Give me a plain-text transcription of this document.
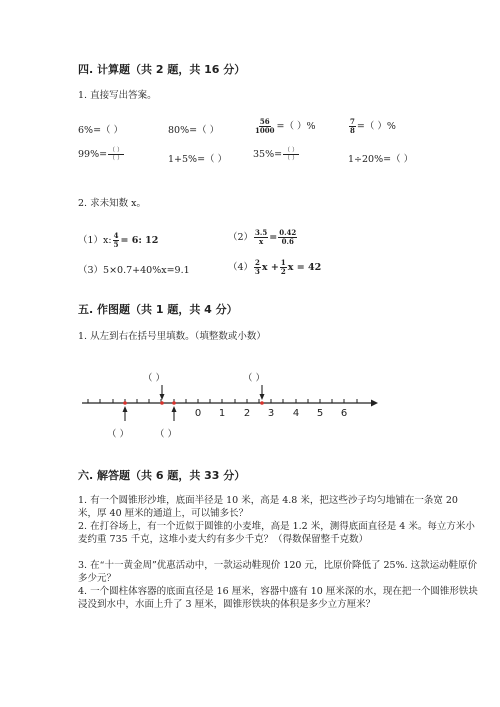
四. 计算题（共 2 题，共 16 分）
1. 直接写出答案。
6%=（ ）	80%=（ ）	$\frac{56}{1000}$ =（ ）%	$\frac{7}{8}$ =（ ）%
$99\%= \frac{( )}{( )}$	1+5%=（ ）	$35\%= \frac{( )}{( )}$	1÷20%=（ ）
2. 求未知数 x。
（1）x: $\frac{4}{5} = 6$: 12	$(2) \frac{3.5}{x} = \frac{0.42}{0.6}$
（3）5×0.7+40%x=9.1	$(4) \frac{2}{3}$ $x + \frac{1}{2}$ x = 42
五. 作图题（共 1 题，共 4 分）
1. 从左到右在括号里填数。（填整数或小数）
（ ）	（ ）
（ ）	（ ）
0 1 2 3 4 5 6
六. 解答题（共 6 题，共 33 分）
1. 有一个圆锥形沙堆，底面半径是 10 米，高是 4.8 米，把这些沙子均匀地铺在一条宽 20 米，厚 40 厘米的通道上，可以铺多长？
2. 在打谷场上，有一个近似于圆锥的小麦堆，高是 1.2 米，测得底面直径是 4 米。每立方米小麦约重 735 千克，这堆小麦大约有多少千克？（得数保留整千克数）
3. 在“十一黄金周”优惠活动中，一款运动鞋现价 120 元，比原价降低了 25%. 这款运动鞋原价多少元？
4. 一个圆柱体容器的底面直径是 16 厘米，容器中盛有 10 厘米深的水，现在把一个圆锥形铁块浸没到水中，水面上升了 3 厘米，圆锥形铁块的体积是多少立方厘米？
